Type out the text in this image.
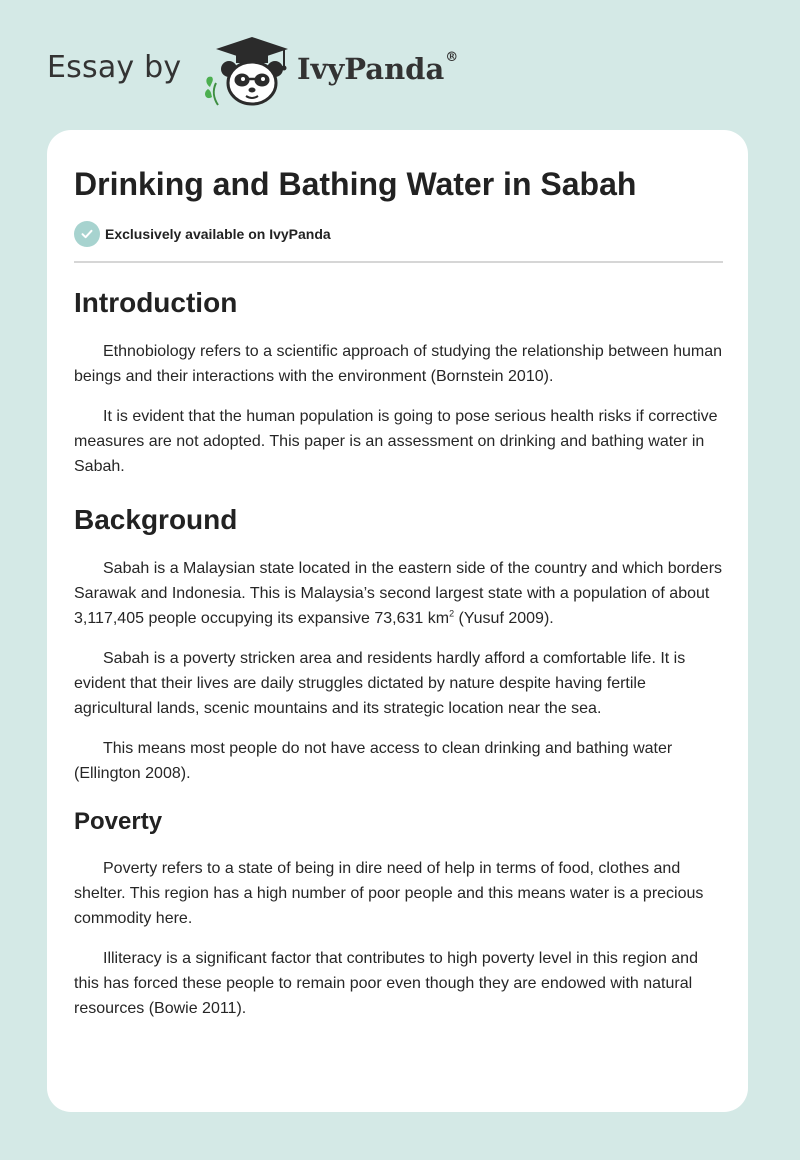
Essay by	IvyPanda®
Drinking and Bathing Water in Sabah
Exclusively available on IvyPanda
Introduction

Ethnobiology refers to a scientific approach of studying the relationship between human beings and their interactions with the environment (Bornstein 2010).

It is evident that the human population is going to pose serious health risks if corrective measures are not adopted. This paper is an assessment on drinking and bathing water in Sabah.

Background

Sabah is a Malaysian state located in the eastern side of the country and which borders Sarawak and Indonesia. This is Malaysia’s second largest state with a population of about 3,117,405 people occupying its expansive 73,631 $km^2$ (Yusuf 2009).

Sabah is a poverty stricken area and residents hardly afford a comfortable life. It is evident that their lives are daily struggles dictated by nature despite having fertile agricultural lands, scenic mountains and its strategic location near the sea.

This means most people do not have access to clean drinking and bathing water (Ellington 2008).

Poverty

Poverty refers to a state of being in dire need of help in terms of food, clothes and shelter. This region has a high number of poor people and this means water is a precious commodity here.

Illiteracy is a significant factor that contributes to high poverty level in this region and this has forced these people to remain poor even though they are endowed with natural resources (Bowie 2011).
